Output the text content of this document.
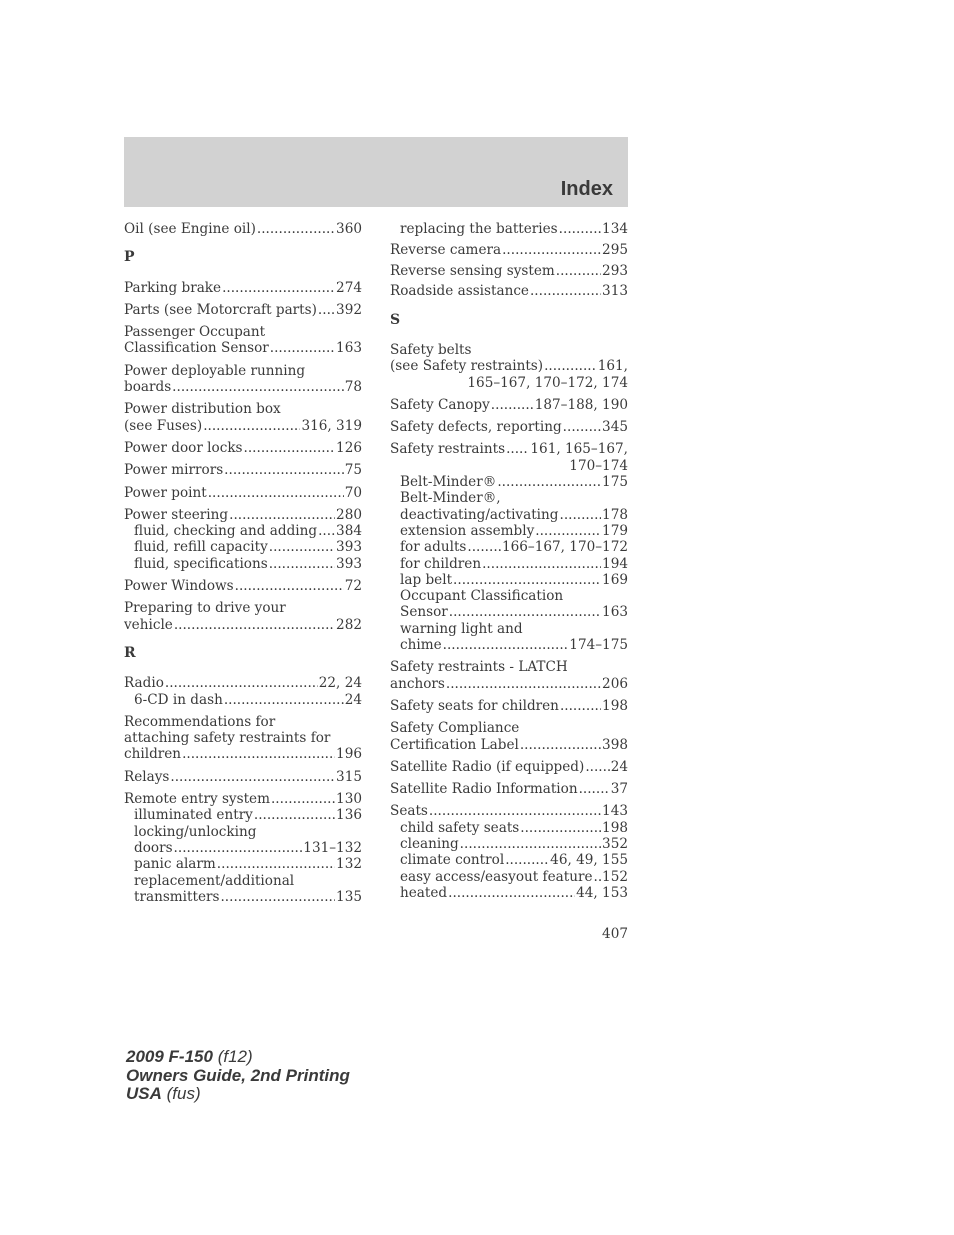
Index
Oil (see Engine oil) .....	360
P
Parking brake .....	274
Parts (see Motorcraft parts) ..... 392
Passenger Occupant
Classification Sensor .....	163
Power deployable running
boards .....	78
Power distribution box
(see Fuses) .....	316, 319
Power door locks .....	126
Power mirrors .....	75
Power point .....	70
Power steering .....	280
fluid, checking and adding ..... 384
fluid, refill capacity .....	393
fluid, specifications .....	393
Power Windows .....	72
Preparing to drive your
vehicle .....	282
R
Radio .....	22, 24
6-CD in dash .....	24
Recommendations for
attaching safety restraints for
children .....	196
Relays .....	315
Remote entry system .....	130
illuminated entry .....	136
locking/unlocking
doors .....	131–132
panic alarm .....	132
replacement/additional
transmitters .....	135
replacing the batteries .....	134
Reverse camera .....	295
Reverse sensing system .....	293
Roadside assistance .....	313
S
Safety belts
(see Safety restraints) .....	161,
165–167, 170–172, 174
Safety Canopy .....	187–188, 190
Safety defects, reporting .....	345
Safety restraints ..... 161, 165–167,
170–174
Belt-Minder® .....	175
Belt-Minder®,
deactivating/activating .....	178
extension assembly .....	179
for adults .....	166–167, 170–172
for children .....	194
lap belt .....	169
Occupant Classification
Sensor .....	163
warning light and
chime .....	174–175
Safety restraints - LATCH
anchors .....	206
Safety seats for children .....	198
Safety Compliance
Certification Label .....	398
Satellite Radio (if equipped) ..... 24
Satellite Radio Information ..... 37
Seats .....	143
child safety seats .....	198
cleaning .....	352
climate control .....	46, 49, 155
easy access/easyout feature ..... 152
heated .....	44, 153
407
2009 F-150 (f12)
Owners Guide, 2nd Printing
USA (fus)
